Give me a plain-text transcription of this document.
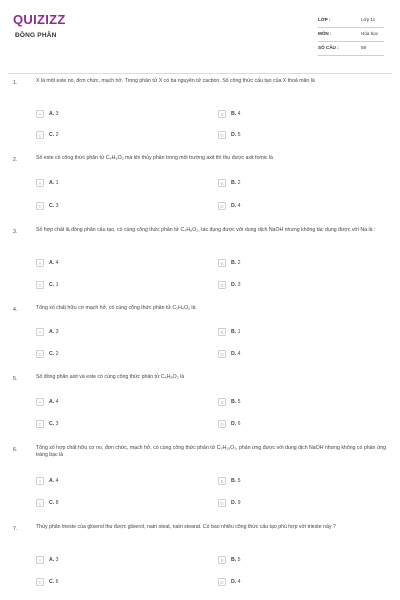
QUIZIZZ
ĐỒNG PHÂN
LỚP :	Lớp 11
MÔN :	Hóa học
SỐ CÂU :	59
1.	X là một este no, đơn chức, mạch hở. Trong phân tử X có ba nguyên tử cacbon. Số công thức cấu tạo của X thoả mãn là
A	A. 3	B	B. 4
C	C. 2	D	D. 5
2.	Số este có công thức phân tử C₄H₈O₂ mà khi thủy phân trong môi trường axit thì thu được axit fomic là
A	A. 1	B	B. 2
C	C. 3	D	D. 4
3.	Số hợp chất là đồng phân cấu tạo, có cùng công thức phân tử C₄H₈O₂, tác dụng được với dung dịch NaOH nhưng không tác dụng được với Na là :
A	A. 4	B	B. 2
C	C. 1	D	D. 3
4.	Tổng số chất hữu cơ mạch hở, có cùng công thức phân tử C₂H₄O₂ là
A	A. 3	B	B. 1
C	C. 2	D	D. 4
5.	Số đồng phân axit và este có cùng công thức phân tử C₄H₈O₂ là
A	A. 4	B	B. 5
C	C. 3	D	D. 6
6.	Tổng số hợp chất hữu cơ no, đơn chức, mạch hở, có cùng công thức phân tử C₅H₁₀O₂, phản ứng được với dung dịch NaOH nhưng không có phản ứng tráng bạc là
A	A. 4	B	B. 5
C	C. 8	D	D. 9
7.	Thủy phân trieste của glixerol thu được glixerol, natri oleat, natri stearat. Có bao nhiêu công thức cấu tạo phù hợp với trieste này ?
A	A. 3	B	B. 5
C	C. 6	D	D. 4
